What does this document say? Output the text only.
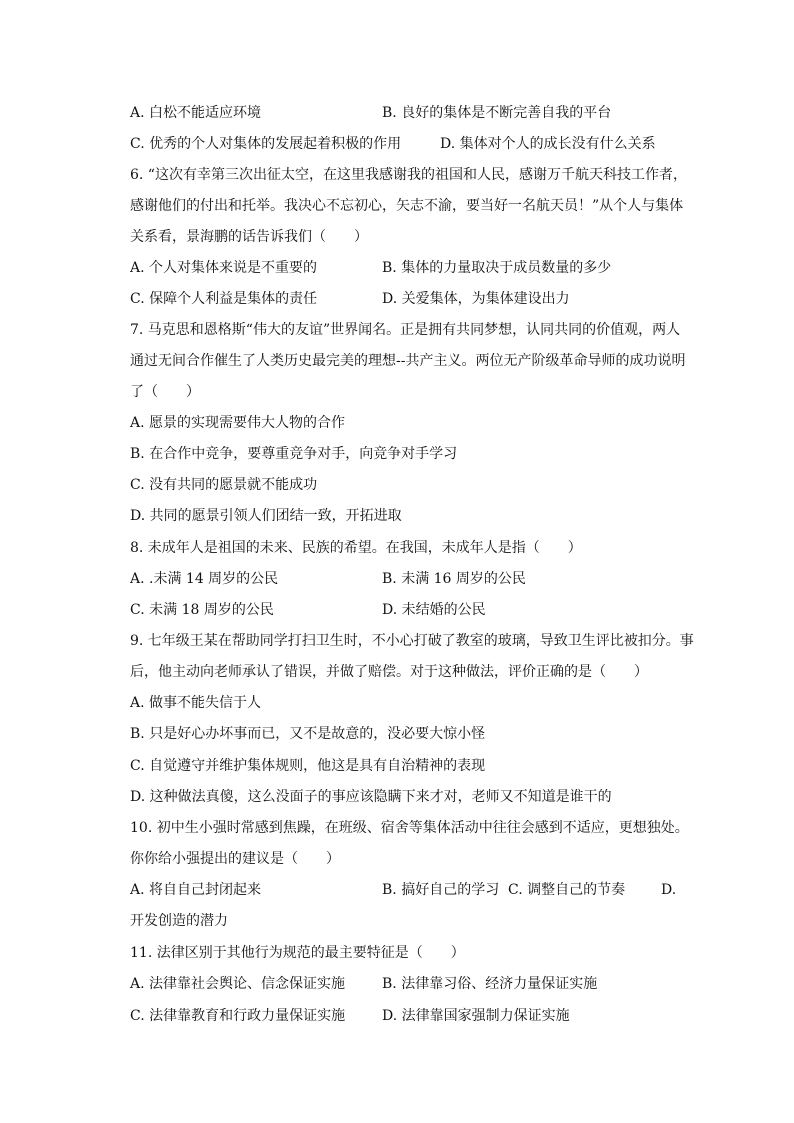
A. 白松不能适应环境	B. 良好的集体是不断完善自我的平台
C. 优秀的个人对集体的发展起着积极的作用	D. 集体对个人的成长没有什么关系
6. “这次有幸第三次出征太空，在这里我感谢我的祖国和人民，感谢万千航天科技工作者，
感谢他们的付出和托举。我决心不忘初心，矢志不渝，要当好一名航天员！”从个人与集体
关系看，景海鹏的话告诉我们（　　）
A. 个人对集体来说是不重要的	B. 集体的力量取决于成员数量的多少
C. 保障个人利益是集体的责任	D. 关爱集体，为集体建设出力
7. 马克思和恩格斯“伟大的友谊”世界闻名。正是拥有共同梦想，认同共同的价值观，两人
通过无间合作催生了人类历史最完美的理想--共产主义。两位无产阶级革命导师的成功说明
了（　　）
A. 愿景的实现需要伟大人物的合作
B. 在合作中竞争，要尊重竞争对手，向竞争对手学习
C. 没有共同的愿景就不能成功
D. 共同的愿景引领人们团结一致，开拓进取
8. 未成年人是祖国的未来、民族的希望。在我国，未成年人是指（　　）
A. .未满 14 周岁的公民	B. 未满 16 周岁的公民
C. 未满 18 周岁的公民	D. 未结婚的公民
9. 七年级王某在帮助同学打扫卫生时，不小心打破了教室的玻璃，导致卫生评比被扣分。事
后，他主动向老师承认了错误，并做了赔偿。对于这种做法，评价正确的是（　　）
A. 做事不能失信于人
B. 只是好心办坏事而已，又不是故意的，没必要大惊小怪
C. 自觉遵守并维护集体规则，他这是具有自治精神的表现
D. 这种做法真傻，这么没面子的事应该隐瞒下来才对，老师又不知道是谁干的
10. 初中生小强时常感到焦躁，在班级、宿舍等集体活动中往往会感到不适应，更想独处。
你你给小强提出的建议是（　　）
A. 将自自己封闭起来	B. 搞好自己的学习 C. 调整自己的节奏	D.
开发创造的潜力
11. 法律区别于其他行为规范的最主要特征是（　　）
A. 法律靠社会舆论、信念保证实施	B. 法律靠习俗、经济力量保证实施
C. 法律靠教育和行政力量保证实施	D. 法律靠国家强制力保证实施
